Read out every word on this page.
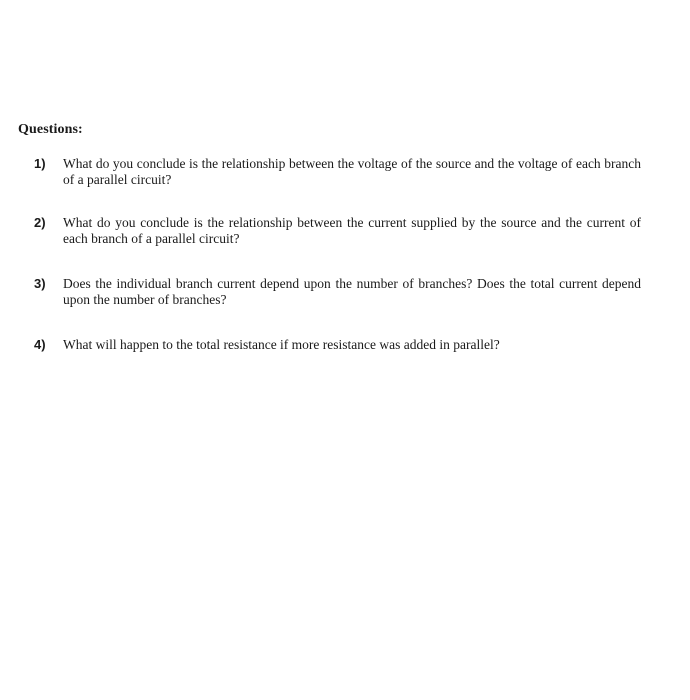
Questions:
1) What do you conclude is the relationship between the voltage of the source and the voltage of each branch of a parallel circuit?
2) What do you conclude is the relationship between the current supplied by the source and the current of each branch of a parallel circuit?
3) Does the individual branch current depend upon the number of branches? Does the total current depend upon the number of branches?
4) What will happen to the total resistance if more resistance was added in parallel?
